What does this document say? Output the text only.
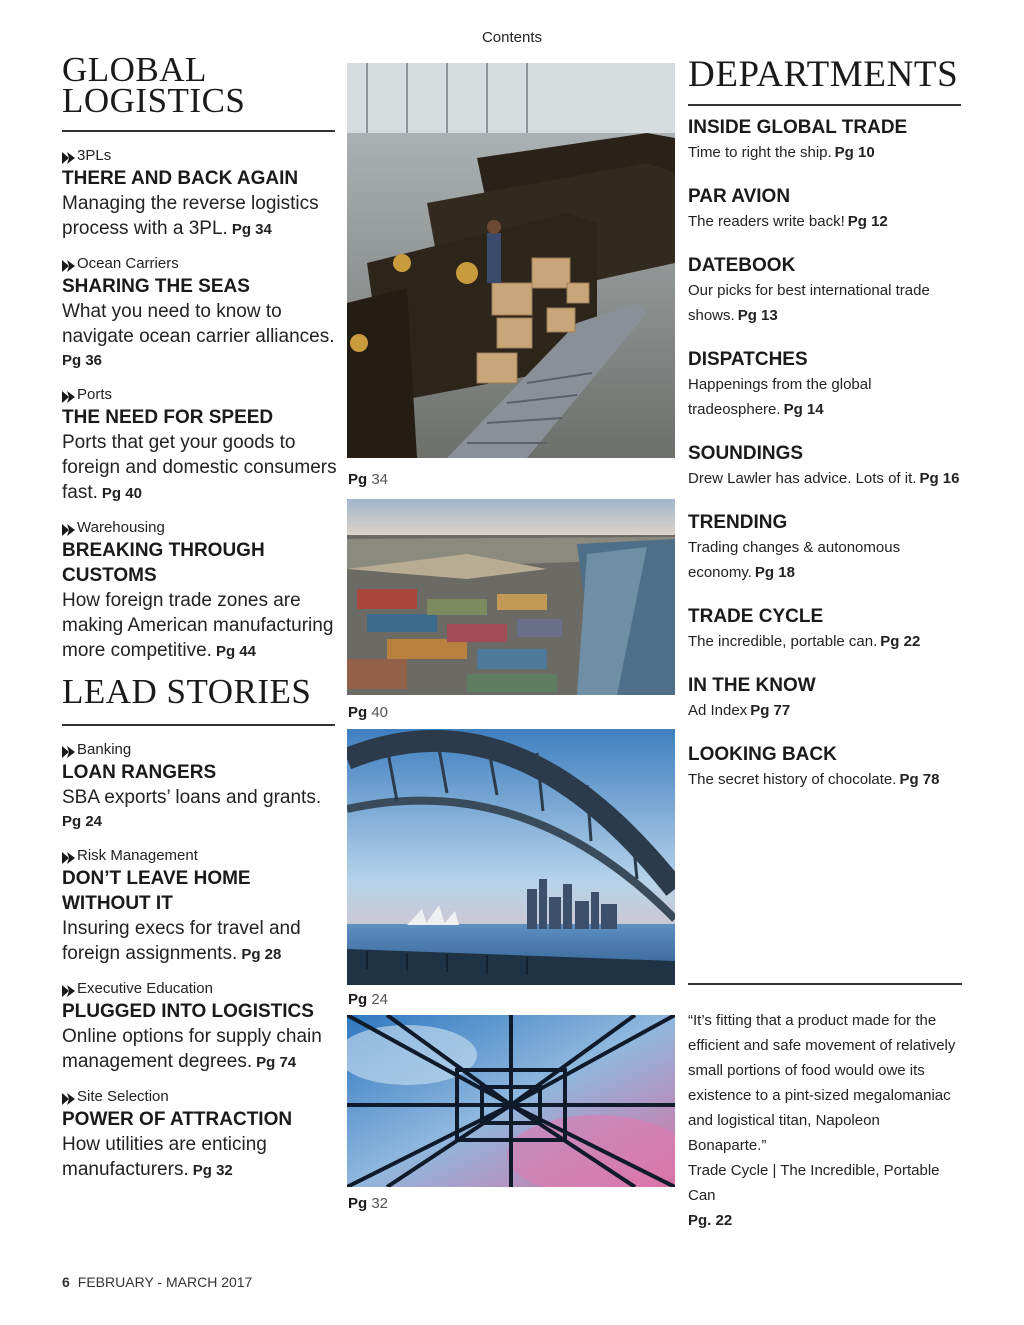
Contents
GLOBAL
LOGISTICS
3PLs
THERE AND BACK AGAIN
Managing the reverse logistics process with a 3PL. Pg 34
Ocean Carriers
SHARING THE SEAS
What you need to know to navigate ocean carrier alliances.
Pg 36
Ports
THE NEED FOR SPEED
Ports that get your goods to foreign and domestic consumers fast. Pg 40
Warehousing
BREAKING THROUGH CUSTOMS
How foreign trade zones are making American manufacturing more competitive. Pg 44
LEAD STORIES
Banking
LOAN RANGERS
SBA exports’ loans and grants.
Pg 24
Risk Management
DON’T LEAVE HOME WITHOUT IT
Insuring execs for travel and foreign assignments. Pg 28
Executive Education
PLUGGED INTO LOGISTICS
Online options for supply chain management degrees. Pg 74
Site Selection
POWER OF ATTRACTION
How utilities are enticing manufacturers. Pg 32
Pg 34
Pg 40
Pg 24
Pg 32
DEPARTMENTS
INSIDE GLOBAL TRADE
Time to right the ship. Pg 10
PAR AVION
The readers write back! Pg 12
DATEBOOK
Our picks for best international trade shows. Pg 13
DISPATCHES
Happenings from the global tradeosphere. Pg 14
SOUNDINGS
Drew Lawler has advice. Lots of it. Pg 16
TRENDING
Trading changes & autonomous economy. Pg 18
TRADE CYCLE
The incredible, portable can. Pg 22
IN THE KNOW
Ad Index Pg 77
LOOKING BACK
The secret history of chocolate. Pg 78
“It’s fitting that a product made for the efficient and safe movement of relatively small portions of food would owe its existence to a pint-sized megalomaniac and logistical titan, Napoleon Bonaparte.”
Trade Cycle | The Incredible, Portable Can
Pg. 22
6 FEBRUARY - MARCH 2017
